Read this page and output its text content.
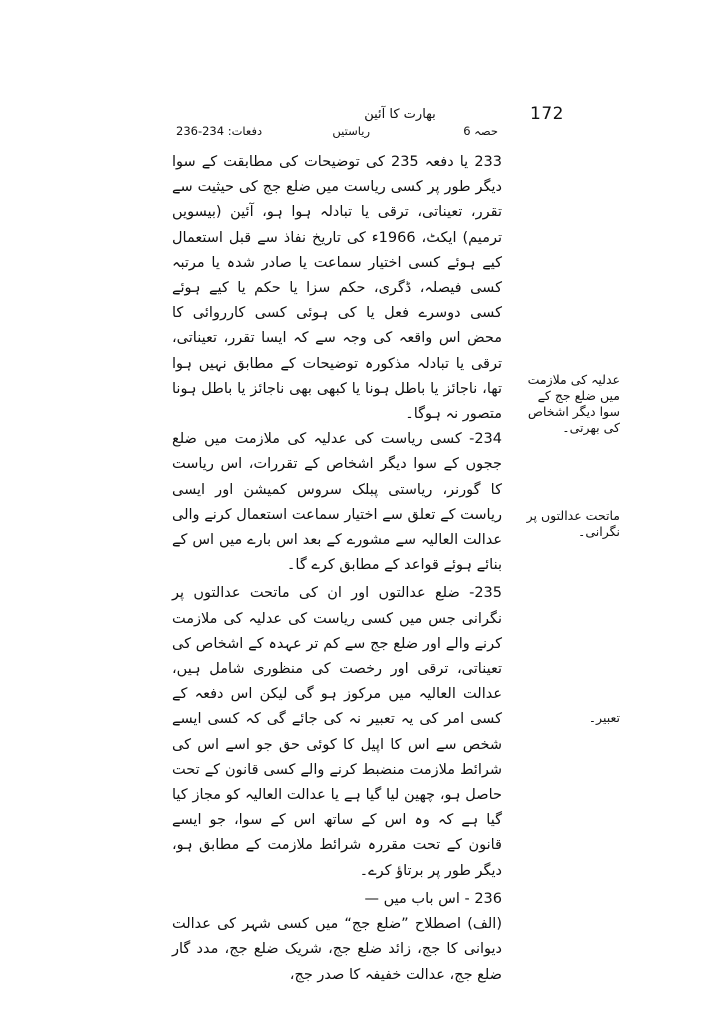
172
بھارت کا آئین
حصہ 6
ریاستیں
دفعات: 234-236

233 یا دفعہ 235 کی توضیحات کی مطابقت کے سوا دیگر طور پر کسی ریاست میں ضلع جج کی حیثیت سے تقرر، تعیناتی، ترقی یا تبادلہ ہوا ہو، آئین (بیسویں ترمیم) ایکٹ، 1966ء کی تاریخ نفاذ سے قبل استعمال کیے ہوئے کسی اختیار سماعت یا صادر شدہ یا مرتبہ کسی فیصلہ، ڈگری، حکم سزا یا حکم یا کیے ہوئے کسی دوسرے فعل یا کی ہوئی کسی کارروائی کا محض اس واقعہ کی وجہ سے کہ ایسا تقرر، تعیناتی، ترقی یا تبادلہ مذکورہ توضیحات کے مطابق نہیں ہوا تھا، ناجائز یا باطل ہونا یا کبھی بھی ناجائز یا باطل ہونا متصور نہ ہوگا۔

234- کسی ریاست کی عدلیہ کی ملازمت میں ضلع ججوں کے سوا دیگر اشخاص کے تقررات، اس ریاست کا گورنر، ریاستی پبلک سروس کمیشن اور ایسی ریاست کے تعلق سے اختیار سماعت استعمال کرنے والی عدالت العالیہ سے مشورے کے بعد اس بارے میں اس کے بنائے ہوئے قواعد کے مطابق کرے گا۔

235- ضلع عدالتوں اور ان کی ماتحت عدالتوں پر نگرانی جس میں کسی ریاست کی عدلیہ کی ملازمت کرنے والے اور ضلع جج سے کم تر عہدہ کے اشخاص کی تعیناتی، ترقی اور رخصت کی منظوری شامل ہیں، عدالت العالیہ میں مرکوز ہو گی لیکن اس دفعہ کے کسی امر کی یہ تعبیر نہ کی جائے گی کہ کسی ایسے شخص سے اس کا اپیل کا کوئی حق جو اسے اس کی شرائط ملازمت منضبط کرنے والے کسی قانون کے تحت حاصل ہو، چھین لیا گیا ہے یا عدالت العالیہ کو مجاز کیا گیا ہے کہ وہ اس کے ساتھ اس کے سوا، جو ایسے قانون کے تحت مقررہ شرائط ملازمت کے مطابق ہو، دیگر طور پر برتاؤ کرے۔

236 - اس باب میں —

(الف) اصطلاح ”ضلع جج“ میں کسی شہر کی عدالت دیوانی کا جج، زائد ضلع جج، شریک ضلع جج، مدد گار ضلع جج، عدالت خفیفہ کا صدر جج،

عدلیہ کی ملازمت میں ضلع جج کے سوا دیگر اشخاص کی بھرتی۔
ماتحت عدالتوں پر نگرانی۔
تعبیر۔
